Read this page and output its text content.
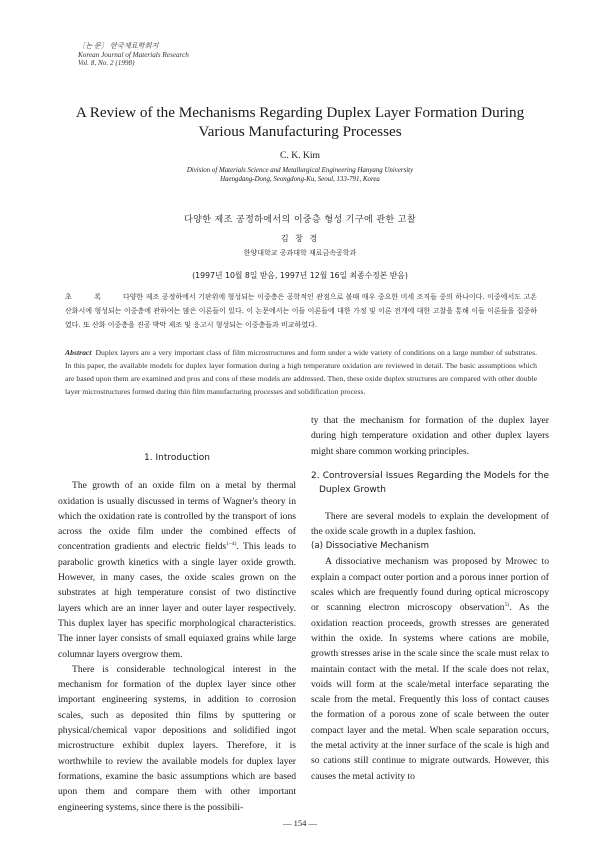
〔논 문〕 한국재료학회지
Korean Journal of Materials Research
Vol. 8, No. 2 (1998)
A Review of the Mechanisms Regarding Duplex Layer Formation During Various Manufacturing Processes
C. K. Kim
Division of Materials Science and Metallurgical Engineering Hanyang University
Haengdang-Dong, Seongdong-Ku, Seoul, 133-791, Korea
다양한 제조 공정하에서의 이중층 형성 기구에 관한 고찰
김 창 경
한양대학교 공과대학 재료금속공학과
(1997년 10월 8일 받음, 1997년 12월 16일 최종수정본 받음)
초 록 다양한 제조 공정하에서 기판위에 형성되는 이중층은 공학적인 관점으로 볼때 매우 중요한 미세 조직들 중의 하나이다. 이중에서도 고온 산화시에 형성되는 이중층에 관하여는 많은 이론들이 있다. 이 논문에서는 이들 이론들에 대한 가정 및 이론 전개에 대한 고찰을 통해 이들 이론들을 집중하였다. 또 산화 이중층을 진공 박막 제조 및 응고시 형성되는 이중층들과 비교하였다.
Abstract Duplex layers are a very important class of film microstructures and form under a wide variety of conditions on a large number of substrates. In this paper, the available models for duplex layer formation during a high temperature oxidation are reviewed in detail. The basic assumptions which are based upon them are examined and pros and cons of these models are addressed. Then, these oxide duplex structures are compared with other double layer microstructures formed during thin film manufacturing processes and solidification process.
1. Introduction

The growth of an oxide film on a metal by thermal oxidation is usually discussed in terms of Wagner's theory in which the oxidation rate is controlled by the transport of ions across the oxide film under the combined effects of concentration gradients and electric fields$^{1\sim 4)}$. This leads to parabolic growth kinetics with a single layer oxide growth. However, in many cases, the oxide scales grown on the substrates at high temperature consist of two distinctive layers which are an inner layer and outer layer respectively. This duplex layer has specific morphological characteristics. The inner layer consists of small equiaxed grains while large columnar layers overgrow them.

There is considerable technological interest in the mechanism for formation of the duplex layer since other important engineering systems, in addition to corrosion scales, such as deposited thin films by sputtering or physical/chemical vapor depositions and solidified ingot microstructure exhibit duplex layers. Therefore, it is worthwhile to review the available models for duplex layer formations, examine the basic assumptions which are based upon them and compare them with other important engineering systems, since there is the possibili-

ty that the mechanism for formation of the duplex layer during high temperature oxidation and other duplex layers might share common working principles.

2. Controversial Issues Regarding the Models for the Duplex Growth

There are several models to explain the development of the oxide scale growth in a duplex fashion.

(a) Dissociative Mechanism

A dissociative mechanism was proposed by Mrowec to explain a compact outer portion and a porous inner portion of scales which are frequently found during optical microscopy or scanning electron microscopy observation$^{5)}$. As the oxidation reaction proceeds, growth stresses are generated within the oxide. In systems where cations are mobile, growth stresses arise in the scale since the scale must relax to maintain contact with the metal. If the scale does not relax, voids will form at the scale/metal interface separating the scale from the metal. Frequently this loss of contact causes the formation of a porous zone of scale between the outer compact layer and the metal. When scale separation occurs, the metal activity at the inner surface of the scale is high and so cations still continue to migrate outwards. However, this causes the metal activity to

— 154 —
